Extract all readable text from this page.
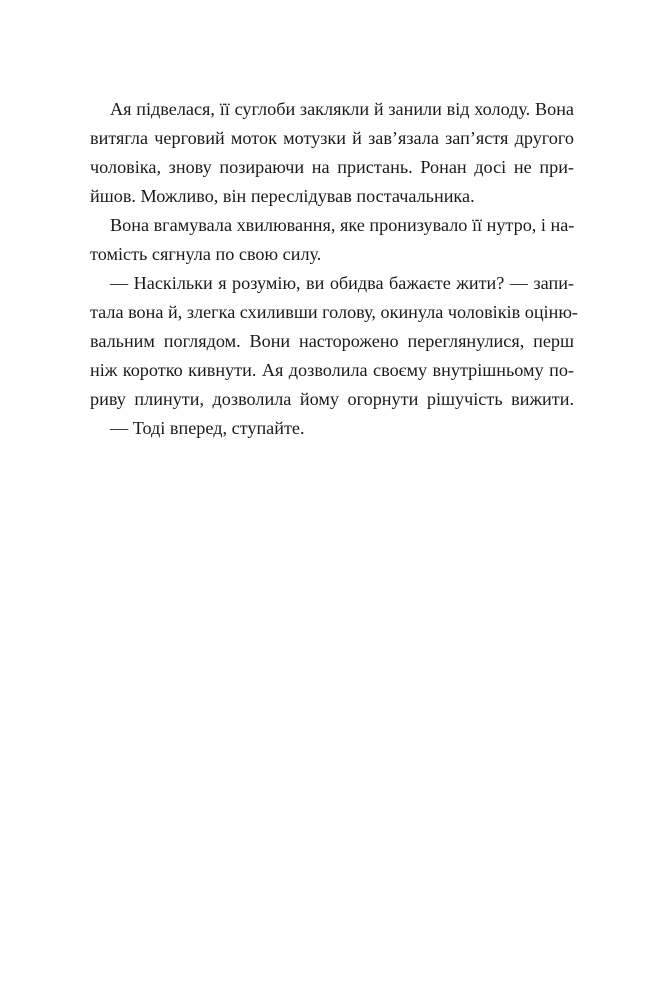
Ая підвелася, її суглоби заклякли й занили від холоду. Вона
витягла черговий моток мотузки й зав’язала зап’ястя другого
чоловіка, знову позираючи на пристань. Ронан досі не при-
йшов. Можливо, він переслідував постачальника.
Вона вгамувала хвилювання, яке пронизувало її нутро, і на-
томість сягнула по свою силу.
— Наскільки я розумію, ви обидва бажаєте жити? — запи-
тала вона й, злегка схиливши голову, окинула чоловіків оціню-
вальним поглядом. Вони насторожено переглянулися, перш
ніж коротко кивнути. Ая дозволила своєму внутрішньому по-
риву плинути, дозволила йому огорнути рішучість вижити.
— Тоді вперед, ступайте.
